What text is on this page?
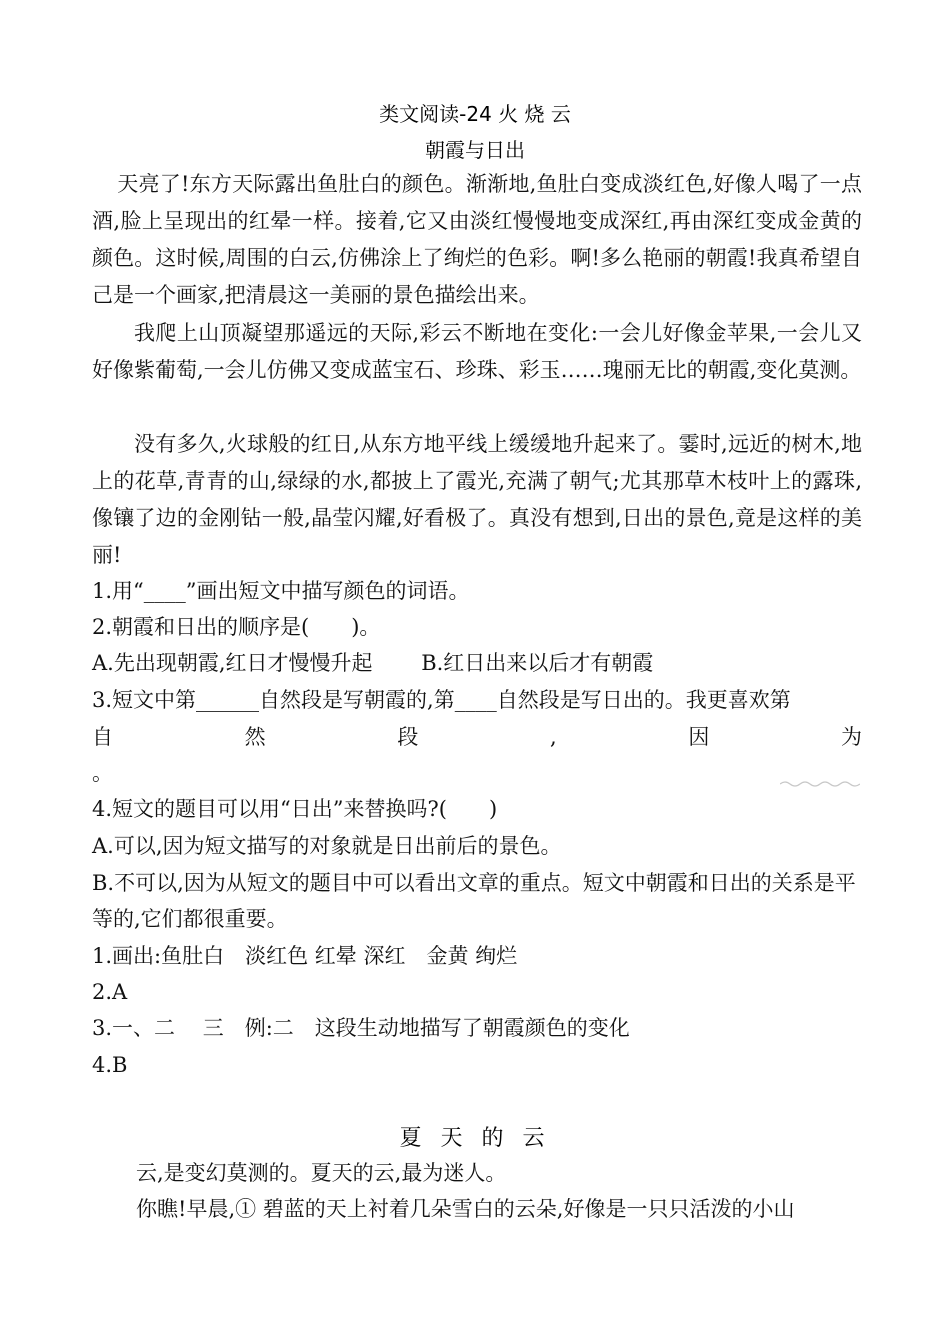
类文阅读-24 火 烧 云
朝霞与日出

天亮了!东方天际露出鱼肚白的颜色。渐渐地,鱼肚白变成淡红色,好像人喝了一点酒,脸上呈现出的红晕一样。接着,它又由淡红慢慢地变成深红,再由深红变成金黄的颜色。这时候,周围的白云,仿佛涂上了绚烂的色彩。啊!多么艳丽的朝霞!我真希望自己是一个画家,把清晨这一美丽的景色描绘出来。

我爬上山顶凝望那遥远的天际,彩云不断地在变化:一会儿好像金苹果,一会儿又好像紫葡萄,一会儿仿佛又变成蓝宝石、珍珠、彩玉……瑰丽无比的朝霞,变化莫测。

没有多久,火球般的红日,从东方地平线上缓缓地升起来了。霎时,远近的树木,地上的花草,青青的山,绿绿的水,都披上了霞光,充满了朝气;尤其那草木枝叶上的露珠,像镶了边的金刚钻一般,晶莹闪耀,好看极了。真没有想到,日出的景色,竟是这样的美丽!

1.用“____”画出短文中描写颜色的词语。
2.朝霞和日出的顺序是(　　)。
A.先出现朝霞,红日才慢慢升起　　 B.红日出来以后才有朝霞
3.短文中第______自然段是写朝霞的,第____自然段是写日出的。我更喜欢第
自	然	段	,	因	为
。
4.短文的题目可以用“日出”来替换吗?(　　)
A.可以,因为短文描写的对象就是日出前后的景色。
B.不可以,因为从短文的题目中可以看出文章的重点。短文中朝霞和日出的关系是平等的,它们都很重要。
1.画出:鱼肚白　淡红色 红晕 深红　金黄 绚烂
2.A
3.一、二　 三　例:二　这段生动地描写了朝霞颜色的变化
4.B
夏 天 的 云
云,是变幻莫测的。夏天的云,最为迷人。
你瞧!早晨,① 碧蓝的天上衬着几朵雪白的云朵,好像是一只只活泼的小山
